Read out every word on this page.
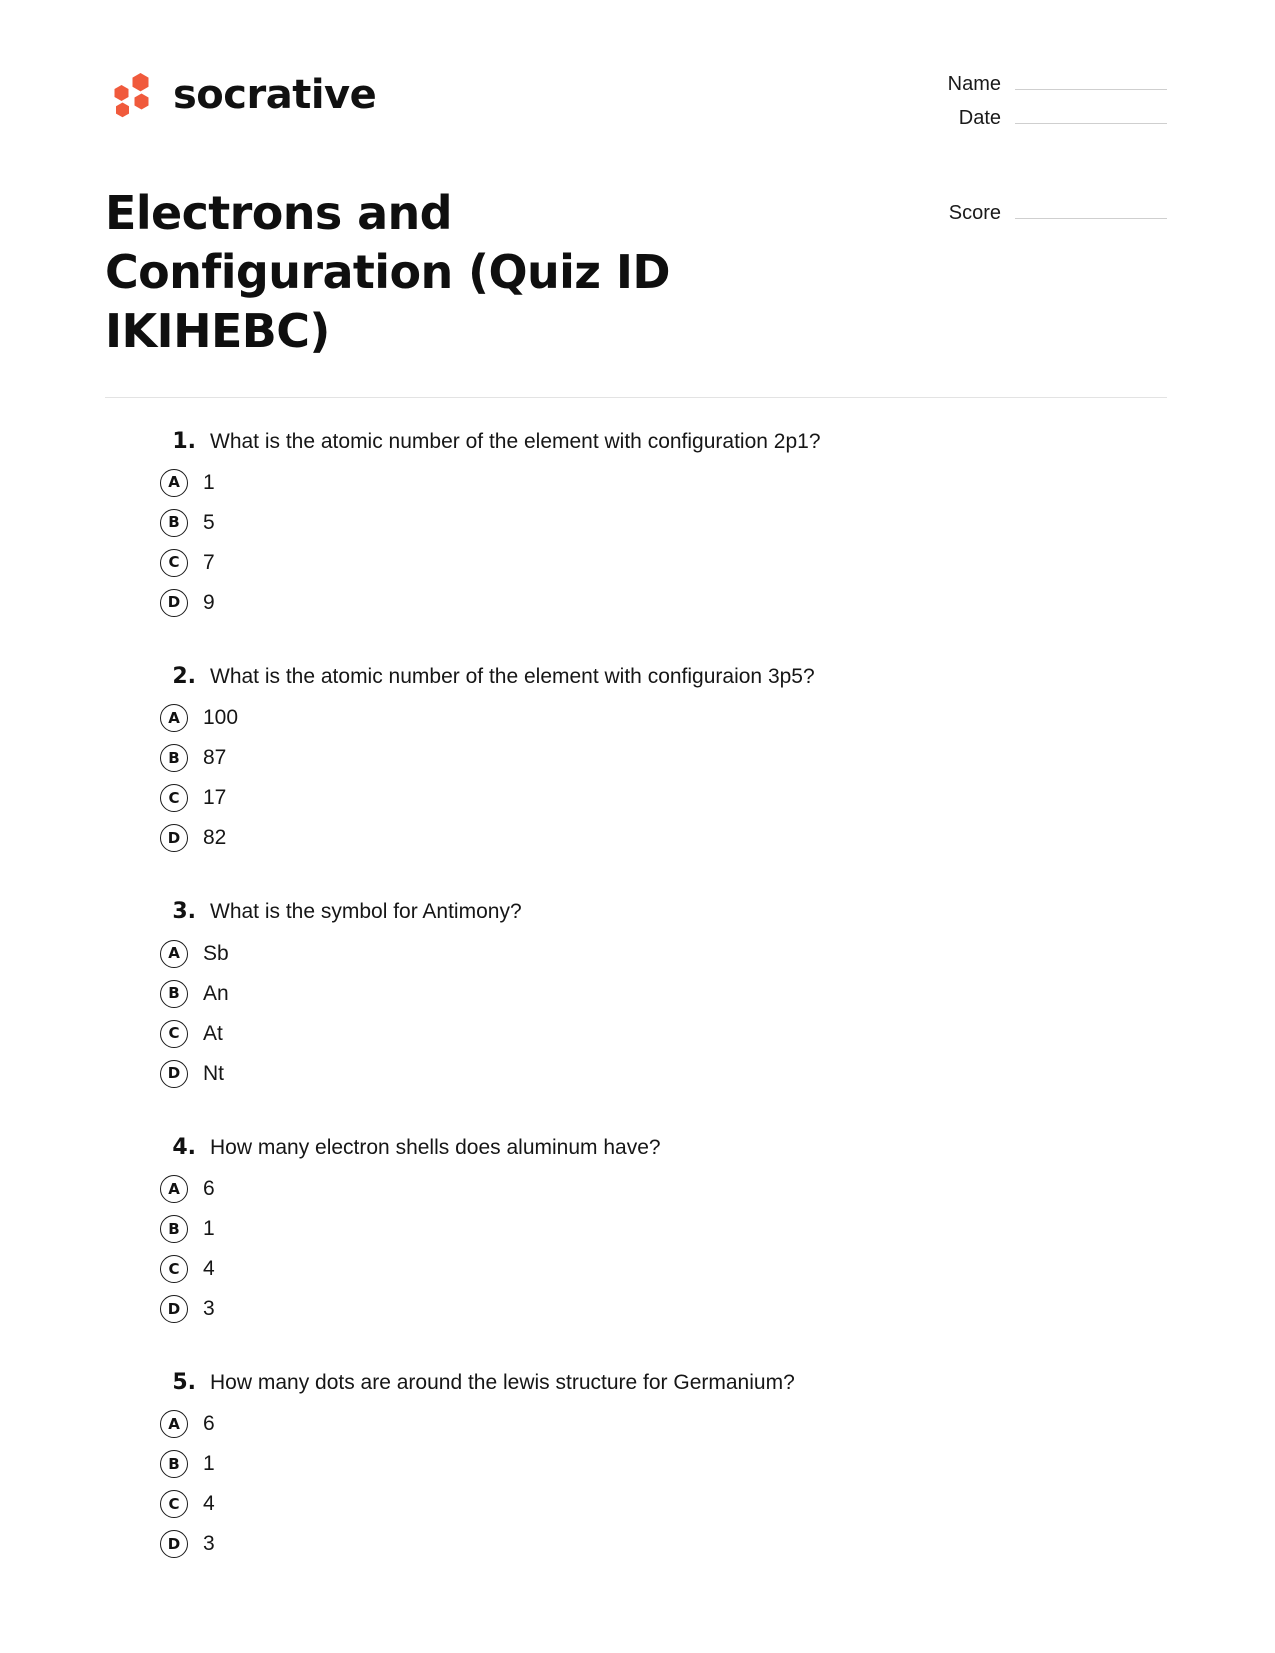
socrative	Name
Date
Score
Electrons and Configuration (Quiz ID IKIHEBC)
1. What is the atomic number of the element with configuration 2p1?
A	1
B	5
C	7
D	9
2. What is the atomic number of the element with configuraion 3p5?
A	100
B	87
C	17
D	82
3. What is the symbol for Antimony?
A	Sb
B	An
C	At
D	Nt
4. How many electron shells does aluminum have?
A	6
B	1
C	4
D	3
5. How many dots are around the lewis structure for Germanium?
A	6
B	1
C	4
D	3
